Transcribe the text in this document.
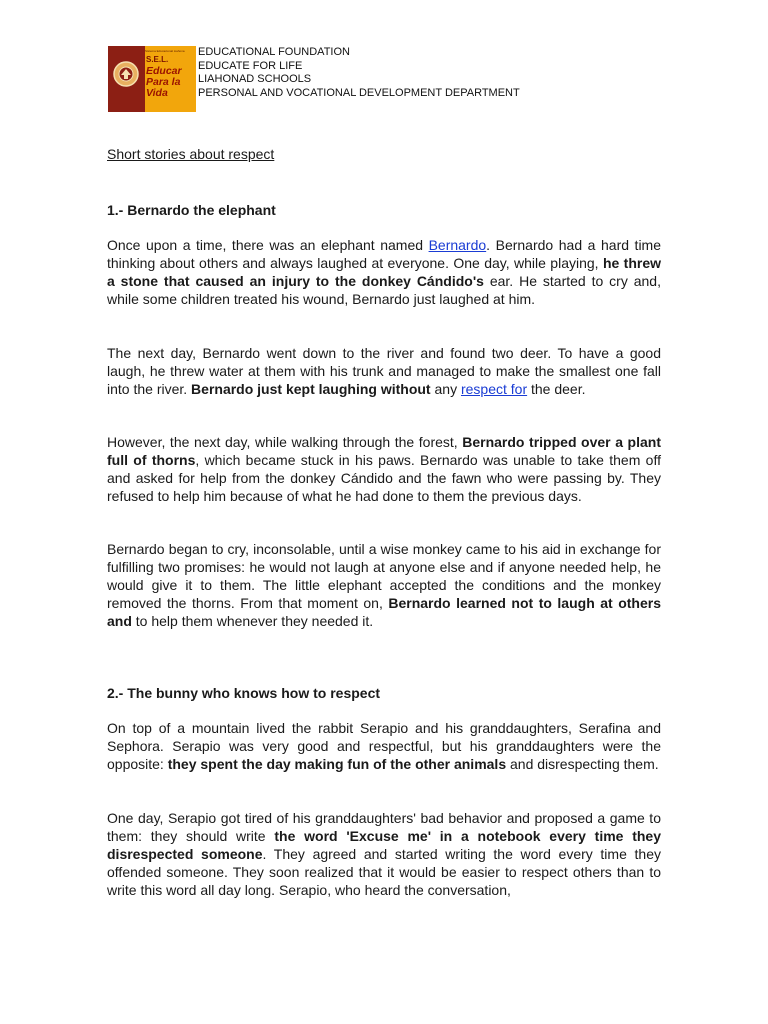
Sistema Educacional Liahona
S.E.L.
Educar
Para la
Vida
EDUCATIONAL FOUNDATION
EDUCATE FOR LIFE
LIAHONAD SCHOOLS
PERSONAL AND VOCATIONAL DEVELOPMENT DEPARTMENT
Short stories about respect
1.- Bernardo the elephant

Once upon a time, there was an elephant named Bernardo. Bernardo had a hard time thinking about others and always laughed at everyone. One day, while playing, he threw a stone that caused an injury to the donkey Cándido's ear. He started to cry and, while some children treated his wound, Bernardo just laughed at him.

The next day, Bernardo went down to the river and found two deer. To have a good laugh, he threw water at them with his trunk and managed to make the smallest one fall into the river. Bernardo just kept laughing without any respect for the deer.

However, the next day, while walking through the forest, Bernardo tripped over a plant full of thorns, which became stuck in his paws. Bernardo was unable to take them off and asked for help from the donkey Cándido and the fawn who were passing by. They refused to help him because of what he had done to them the previous days.

Bernardo began to cry, inconsolable, until a wise monkey came to his aid in exchange for fulfilling two promises: he would not laugh at anyone else and if anyone needed help, he would give it to them. The little elephant accepted the conditions and the monkey removed the thorns. From that moment on, Bernardo learned not to laugh at others and to help them whenever they needed it.

2.- The bunny who knows how to respect

On top of a mountain lived the rabbit Serapio and his granddaughters, Serafina and Sephora. Serapio was very good and respectful, but his granddaughters were the opposite: they spent the day making fun of the other animals and disrespecting them.

One day, Serapio got tired of his granddaughters' bad behavior and proposed a game to them: they should write the word 'Excuse me' in a notebook every time they disrespected someone. They agreed and started writing the word every time they offended someone. They soon realized that it would be easier to respect others than to write this word all day long. Serapio, who heard the conversation,
